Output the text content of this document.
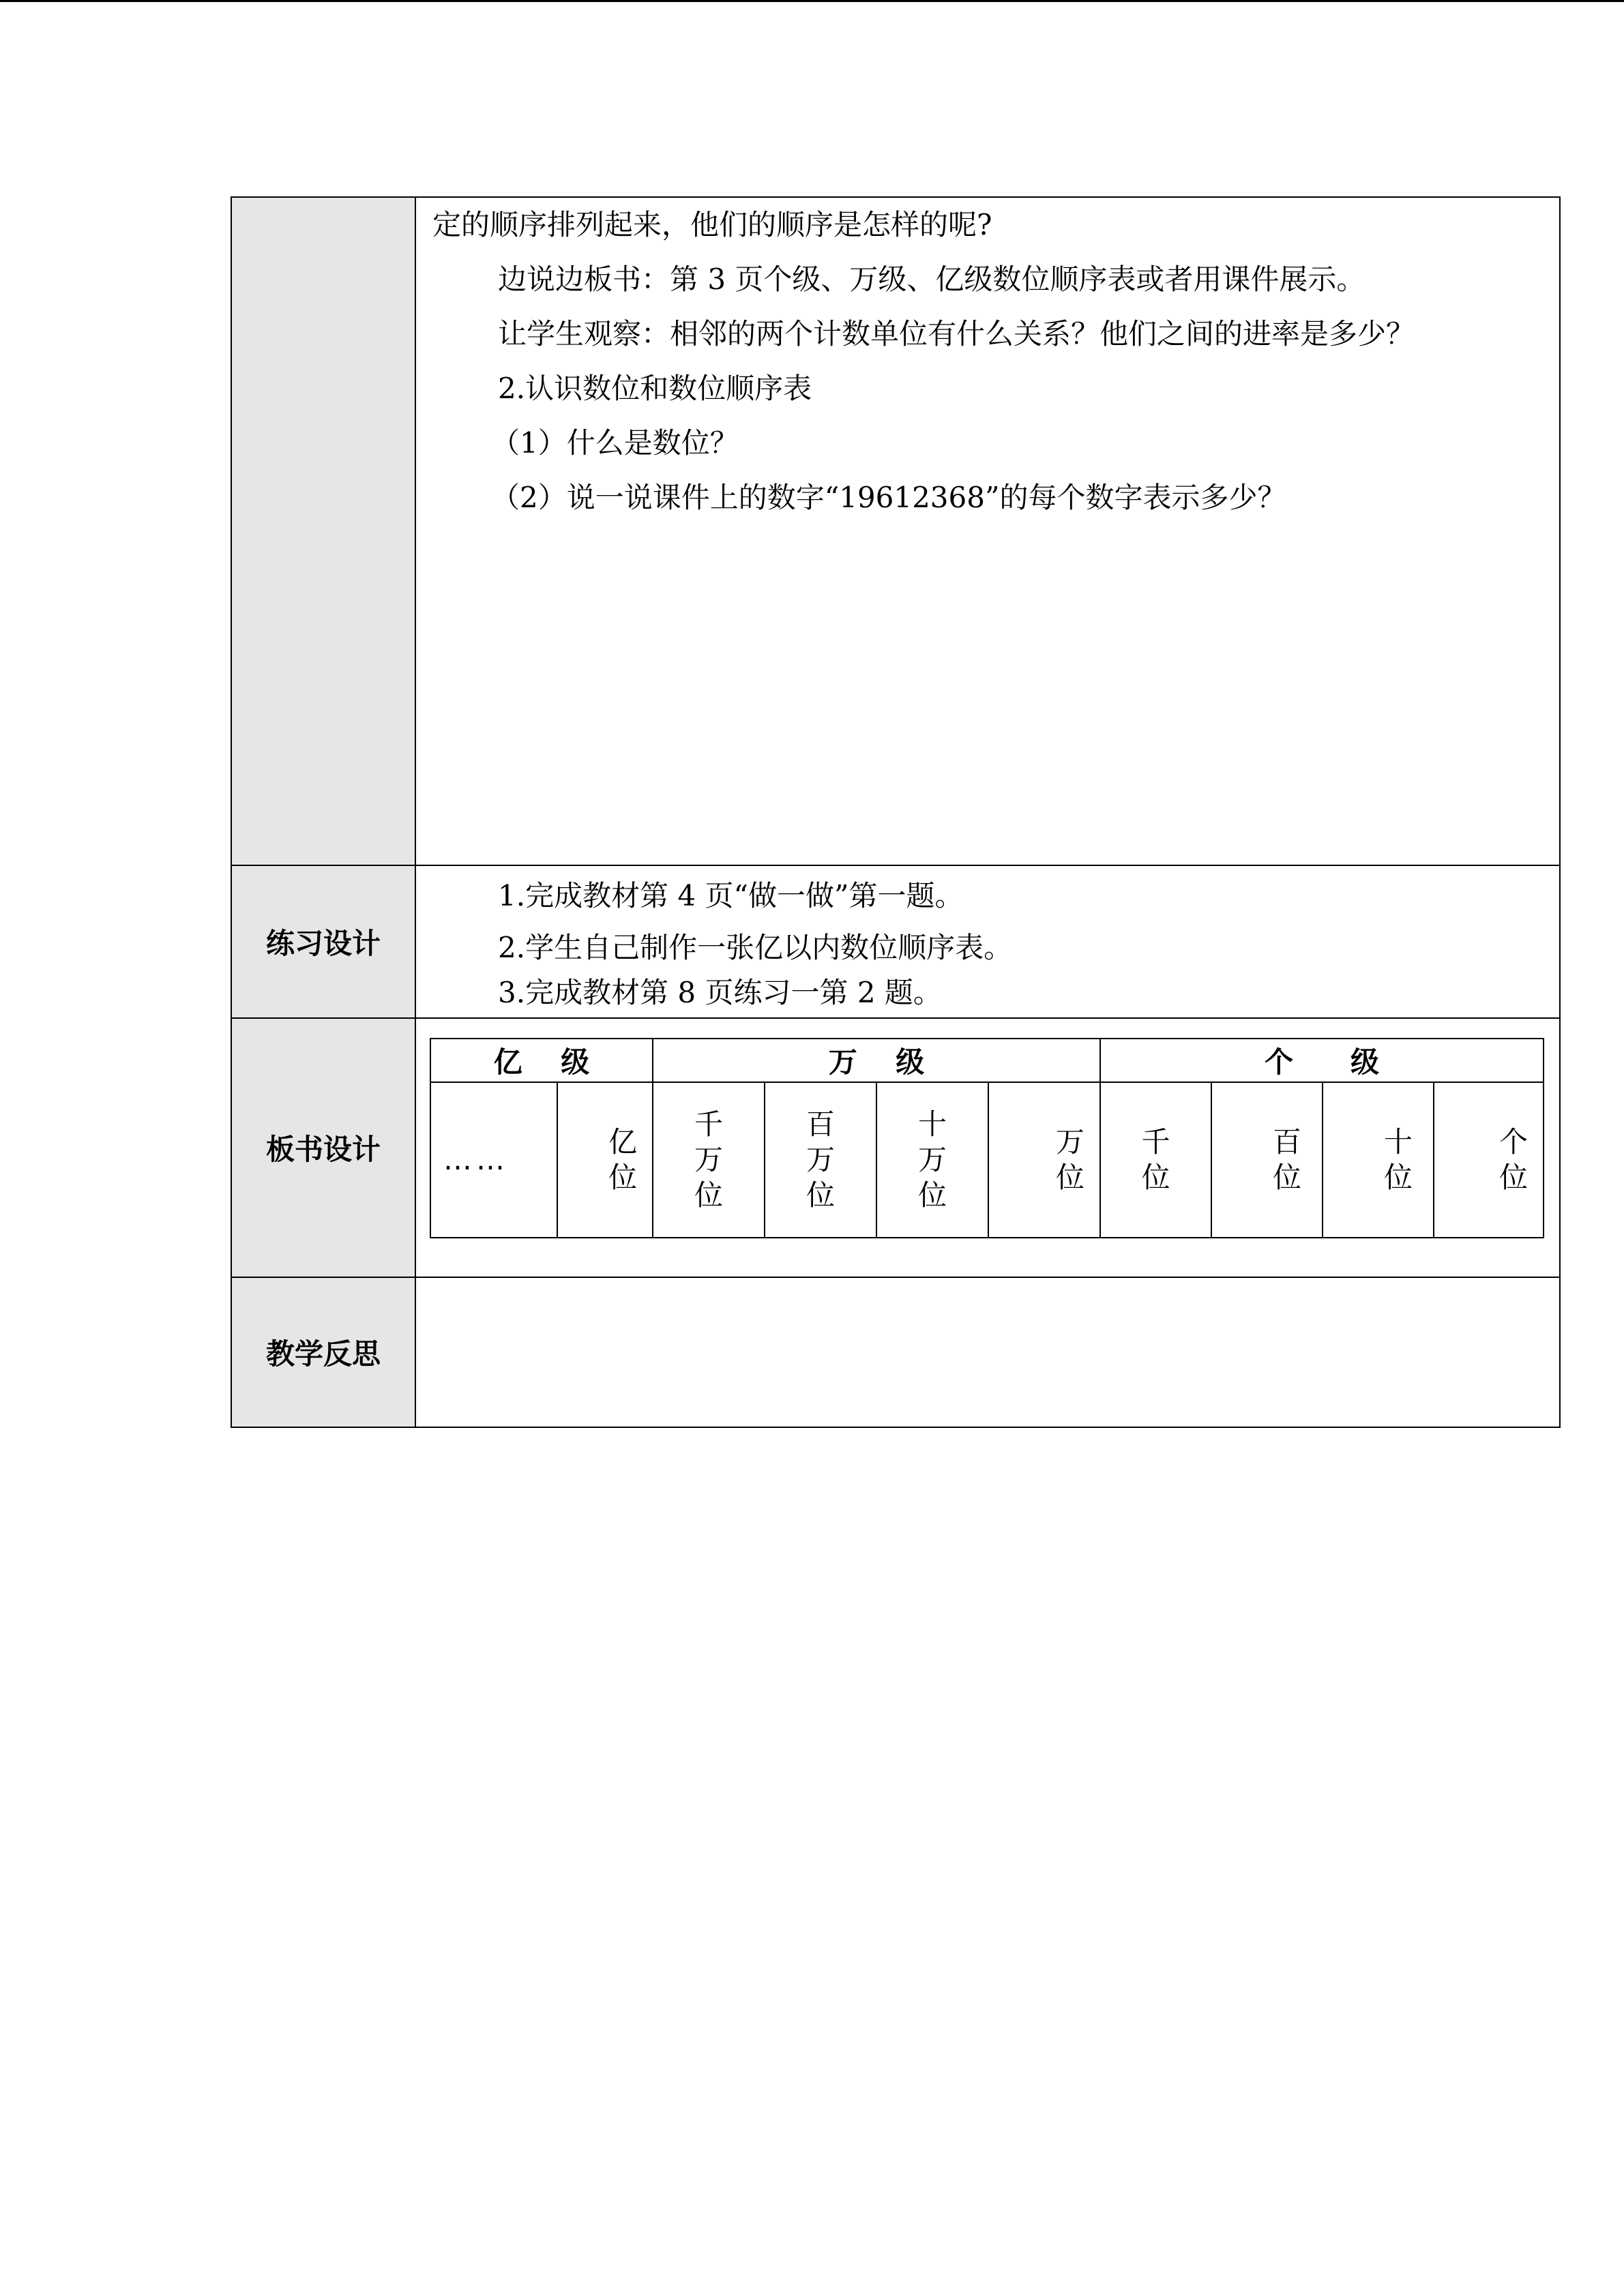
定的顺序排列起来，他们的顺序是怎样的呢?
边说边板书：第 3 页个级、万级、亿级数位顺序表或者用课件展示。
让学生观察：相邻的两个计数单位有什么关系？他们之间的进率是多少？
2.认识数位和数位顺序表
（1）什么是数位？
（2）说一说课件上的数字“19612368”的每个数字表示多少？

练习设计	
1.完成教材第 4 页“做一做”第一题。
2.学生自己制作一张亿以内数位顺序表。
3.完成教材第 8 页练习一第 2 题。

板书设计	
亿　 级	万　 级	个　　级
……	亿位	千万位	百万位	十万位	万位	千位	百位	十位	个位

教学反思	
